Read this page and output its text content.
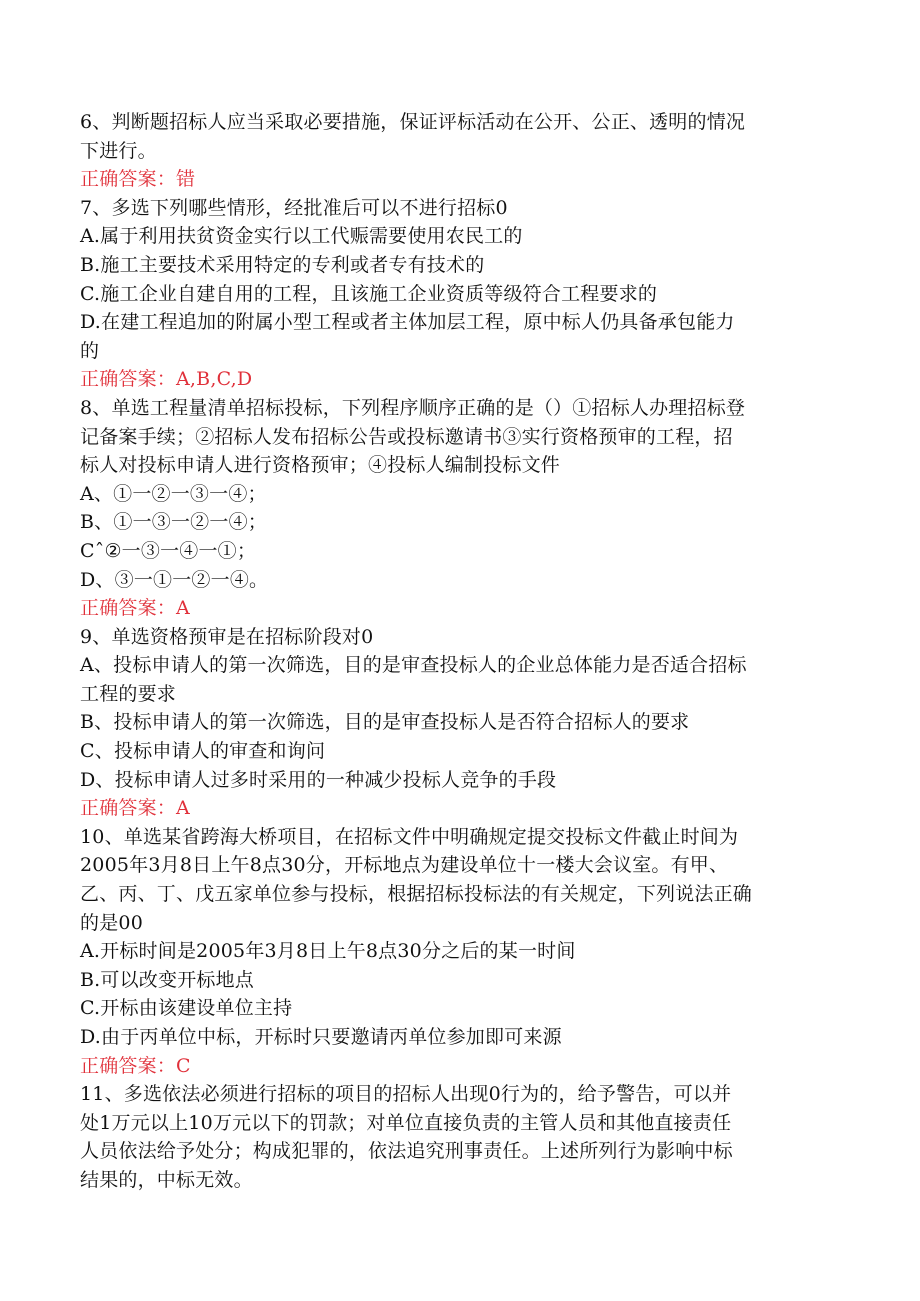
6、判断题招标人应当采取必要措施，保证评标活动在公开、公正、透明的情况
下进行。
正确答案：错
7、多选下列哪些情形，经批准后可以不进行招标0
A.属于利用扶贫资金实行以工代赈需要使用农民工的
B.施工主要技术采用特定的专利或者专有技术的
C.施工企业自建自用的工程，且该施工企业资质等级符合工程要求的
D.在建工程追加的附属小型工程或者主体加层工程，原中标人仍具备承包能力
的
正确答案：A,B,C,D
8、单选工程量清单招标投标，下列程序顺序正确的是（）①招标人办理招标登
记备案手续；②招标人发布招标公告或投标邀请书③实行资格预审的工程，招
标人对投标申请人进行资格预审；④投标人编制投标文件
A、①一②一③一④；
B、①一③一②一④；
Cˆ②一③一④一①；
D、③一①一②一④。
正确答案：A
9、单选资格预审是在招标阶段对0
A、投标申请人的第一次筛选，目的是审查投标人的企业总体能力是否适合招标
工程的要求
B、投标申请人的第一次筛选，目的是审查投标人是否符合招标人的要求
C、投标申请人的审查和询问
D、投标申请人过多时采用的一种减少投标人竞争的手段
正确答案：A
10、单选某省跨海大桥项目，在招标文件中明确规定提交投标文件截止时间为
2005年3月8日上午8点30分，开标地点为建设单位十一楼大会议室。有甲、
乙、丙、丁、戊五家单位参与投标，根据招标投标法的有关规定，下列说法正确
的是00
A.开标时间是2005年3月8日上午8点30分之后的某一时间
B.可以改变开标地点
C.开标由该建设单位主持
D.由于丙单位中标，开标时只要邀请丙单位参加即可来源
正确答案：C
11、多选依法必须进行招标的项目的招标人出现0行为的，给予警告，可以并
处1万元以上10万元以下的罚款；对单位直接负责的主管人员和其他直接责任
人员依法给予处分；构成犯罪的，依法追究刑事责任。上述所列行为影响中标
结果的，中标无效。
